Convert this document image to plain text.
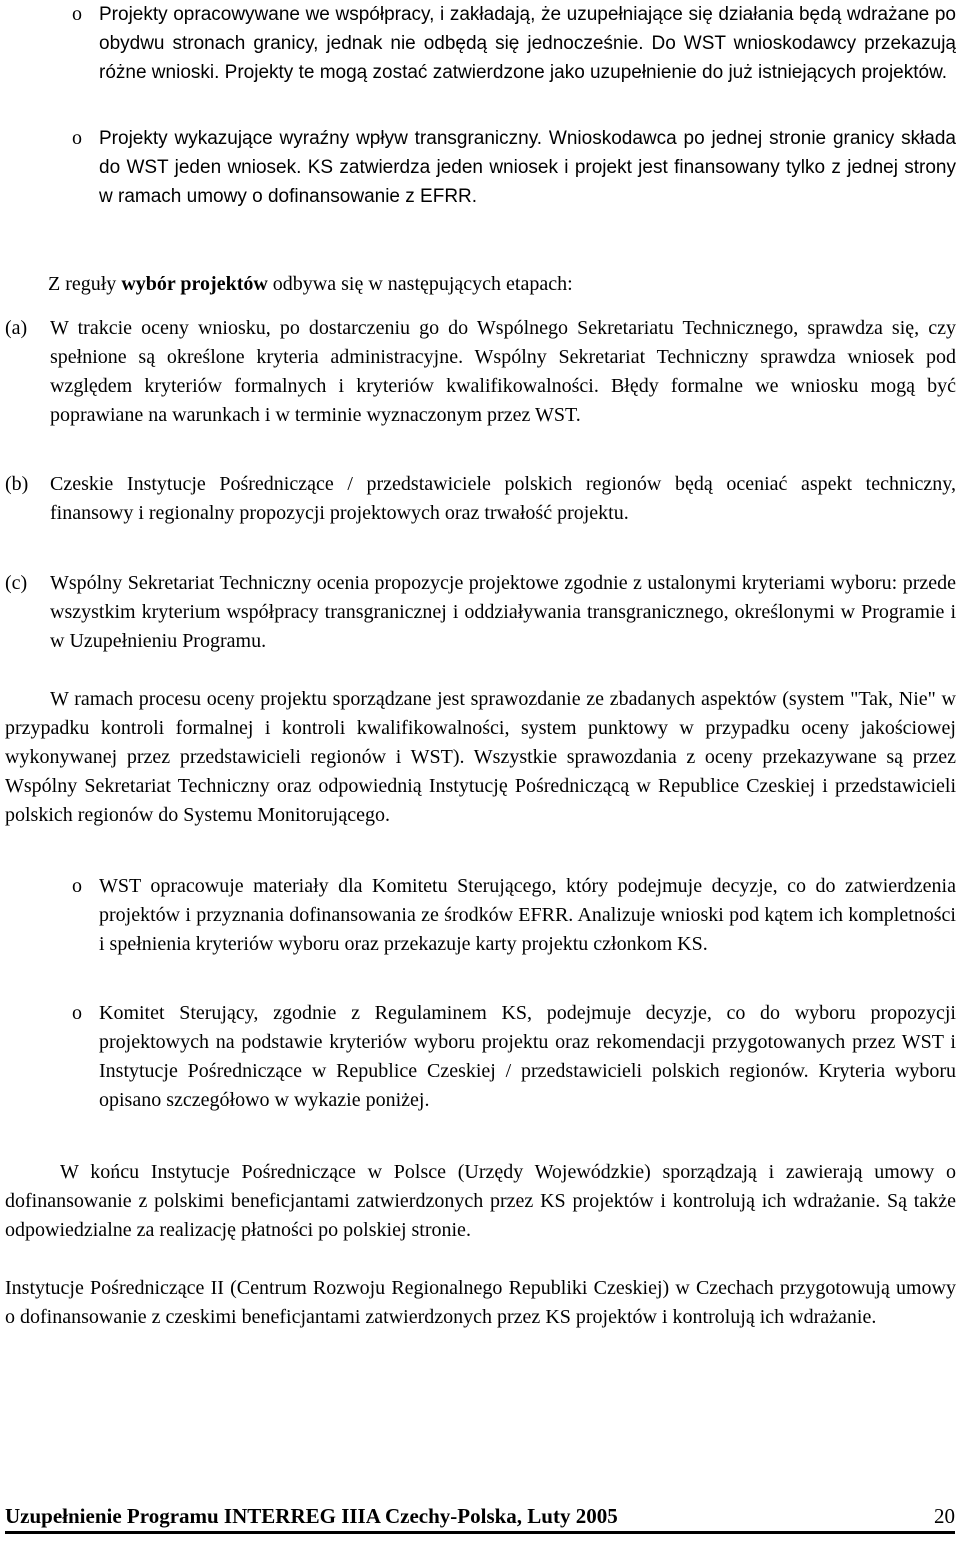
o Projekty opracowywane we współpracy, i zakładają, że uzupełniające się działania będą wdrażane po obydwu stronach granicy, jednak nie odbędą się jednocześnie. Do WST wnioskodawcy przekazują różne wnioski. Projekty te mogą zostać zatwierdzone jako uzupełnienie do już istniejących projektów.

o Projekty wykazujące wyraźny wpływ transgraniczny. Wnioskodawca po jednej stronie granicy składa do WST jeden wniosek. KS zatwierdza jeden wniosek i projekt jest finansowany tylko z jednej strony w ramach umowy o dofinansowanie z EFRR.

Z reguły wybór projektów odbywa się w następujących etapach:

(a) W trakcie oceny wniosku, po dostarczeniu go do Wspólnego Sekretariatu Technicznego, sprawdza się, czy spełnione są określone kryteria administracyjne. Wspólny Sekretariat Techniczny sprawdza wniosek pod względem kryteriów formalnych i kryteriów kwalifikowalności. Błędy formalne we wniosku mogą być poprawiane na warunkach i w terminie wyznaczonym przez WST.

(b) Czeskie Instytucje Pośredniczące / przedstawiciele polskich regionów będą oceniać aspekt techniczny, finansowy i regionalny propozycji projektowych oraz trwałość projektu.

(c) Wspólny Sekretariat Techniczny ocenia propozycje projektowe zgodnie z ustalonymi kryteriami wyboru: przede wszystkim kryterium współpracy transgranicznej i oddziaływania transgranicznego, określonymi w Programie i w Uzupełnieniu Programu.

W ramach procesu oceny projektu sporządzane jest sprawozdanie ze zbadanych aspektów (system "Tak, Nie" w przypadku kontroli formalnej i kontroli kwalifikowalności, system punktowy w przypadku oceny jakościowej wykonywanej przez przedstawicieli regionów i WST). Wszystkie sprawozdania z oceny przekazywane są przez Wspólny Sekretariat Techniczny oraz odpowiednią Instytucję Pośredniczącą w Republice Czeskiej i przedstawicieli polskich regionów do Systemu Monitorującego.

o WST opracowuje materiały dla Komitetu Sterującego, który podejmuje decyzje, co do zatwierdzenia projektów i przyznania dofinansowania ze środków EFRR. Analizuje wnioski pod kątem ich kompletności i spełnienia kryteriów wyboru oraz przekazuje karty projektu członkom KS.

o Komitet Sterujący, zgodnie z Regulaminem KS, podejmuje decyzje, co do wyboru propozycji projektowych na podstawie kryteriów wyboru projektu oraz rekomendacji przygotowanych przez WST i Instytucje Pośredniczące w Republice Czeskiej / przedstawicieli polskich regionów. Kryteria wyboru opisano szczegółowo w wykazie poniżej.

W końcu Instytucje Pośredniczące w Polsce (Urzędy Wojewódzkie) sporządzają i zawierają umowy o dofinansowanie z polskimi beneficjantami zatwierdzonych przez KS projektów i kontrolują ich wdrażanie. Są także odpowiedzialne za realizację płatności po polskiej stronie.

Instytucje Pośredniczące II (Centrum Rozwoju Regionalnego Republiki Czeskiej) w Czechach przygotowują umowy o dofinansowanie z czeskimi beneficjantami zatwierdzonych przez KS projektów i kontrolują ich wdrażanie.

Uzupełnienie Programu INTERREG IIIA Czechy-Polska, Luty 2005	20
